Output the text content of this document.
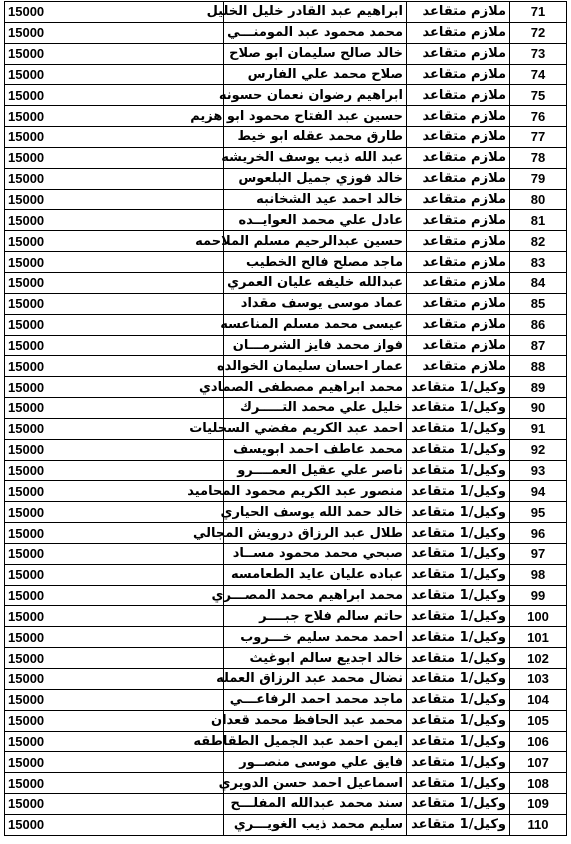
71	ملازم متقاعد	ابراهيم عبد القادر خليل الخليل	15000
72	ملازم متقاعد	محمد محمود عبد المومنـــي	15000
73	ملازم متقاعد	خالد صالح سليمان ابو صلاح	15000
74	ملازم متقاعد	صلاح محمد علي الفارس	15000
75	ملازم متقاعد	ابراهيم رضوان نعمان حسونه	15000
76	ملازم متقاعد	حسين عبد الفتاح محمود ابو هزيم	15000
77	ملازم متقاعد	طارق محمد عقله ابو خيط	15000
78	ملازم متقاعد	عبد الله ذيب يوسف الخريشه	15000
79	ملازم متقاعد	خالد فوزي جميل البلعوس	15000
80	ملازم متقاعد	خالد احمد عيد الشخانبه	15000
81	ملازم متقاعد	عادل علي محمد العوايــده	15000
82	ملازم متقاعد	حسين عبدالرحيم مسلم الملاحمه	15000
83	ملازم متقاعد	ماجد مصلح فالح الخطيب	15000
84	ملازم متقاعد	عبدالله خليفه عليان العمري	15000
85	ملازم متقاعد	عماد موسى يوسف مقداد	15000
86	ملازم متقاعد	عيسى محمد مسلم المناعسه	15000
87	ملازم متقاعد	فواز محمد فايز الشرمـــان	15000
88	ملازم متقاعد	عمار احسان سليمان الخوالده	15000
89	وكيل/1 متقاعد	محمد ابراهيم مصطفى الصمادي	15000
90	وكيل/1 متقاعد	خليل علي محمد التـــــرك	15000
91	وكيل/1 متقاعد	احمد عبد الكريم مفضي السحليات	15000
92	وكيل/1 متقاعد	محمد عاطف احمد ابويسف	15000
93	وكيل/1 متقاعد	ناصر علي عقيل العمــــرو	15000
94	وكيل/1 متقاعد	منصور عبد الكريم محمود المحاميد	15000
95	وكيل/1 متقاعد	خالد حمد الله يوسف الحياري	15000
96	وكيل/1 متقاعد	طلال عبد الرزاق درويش المجالي	15000
97	وكيل/1 متقاعد	صبحي محمد محمود مســاد	15000
98	وكيل/1 متقاعد	عباده عليان عايد الطعامسه	15000
99	وكيل/1 متقاعد	محمد ابراهيم محمد المصـــري	15000
100	وكيل/1 متقاعد	حاتم سالم فلاح جبــــر	15000
101	وكيل/1 متقاعد	احمد محمد سليم خـــروب	15000
102	وكيل/1 متقاعد	خالد اجديع سالم ابوغيث	15000
103	وكيل/1 متقاعد	نضال محمد عبد الرزاق العمله	15000
104	وكيل/1 متقاعد	ماجد محمد احمد الرفاعـــي	15000
105	وكيل/1 متقاعد	محمد عبد الحافظ محمد قعدان	15000
106	وكيل/1 متقاعد	ايمن احمد عبد الجميل الطقاطقه	15000
107	وكيل/1 متقاعد	فايق علي موسى منصــور	15000
108	وكيل/1 متقاعد	اسماعيل احمد حسن الدويري	15000
109	وكيل/1 متقاعد	سند محمد عبدالله المفلـــح	15000
110	وكيل/1 متقاعد	سليم محمد ذيب الغويـــري	15000
